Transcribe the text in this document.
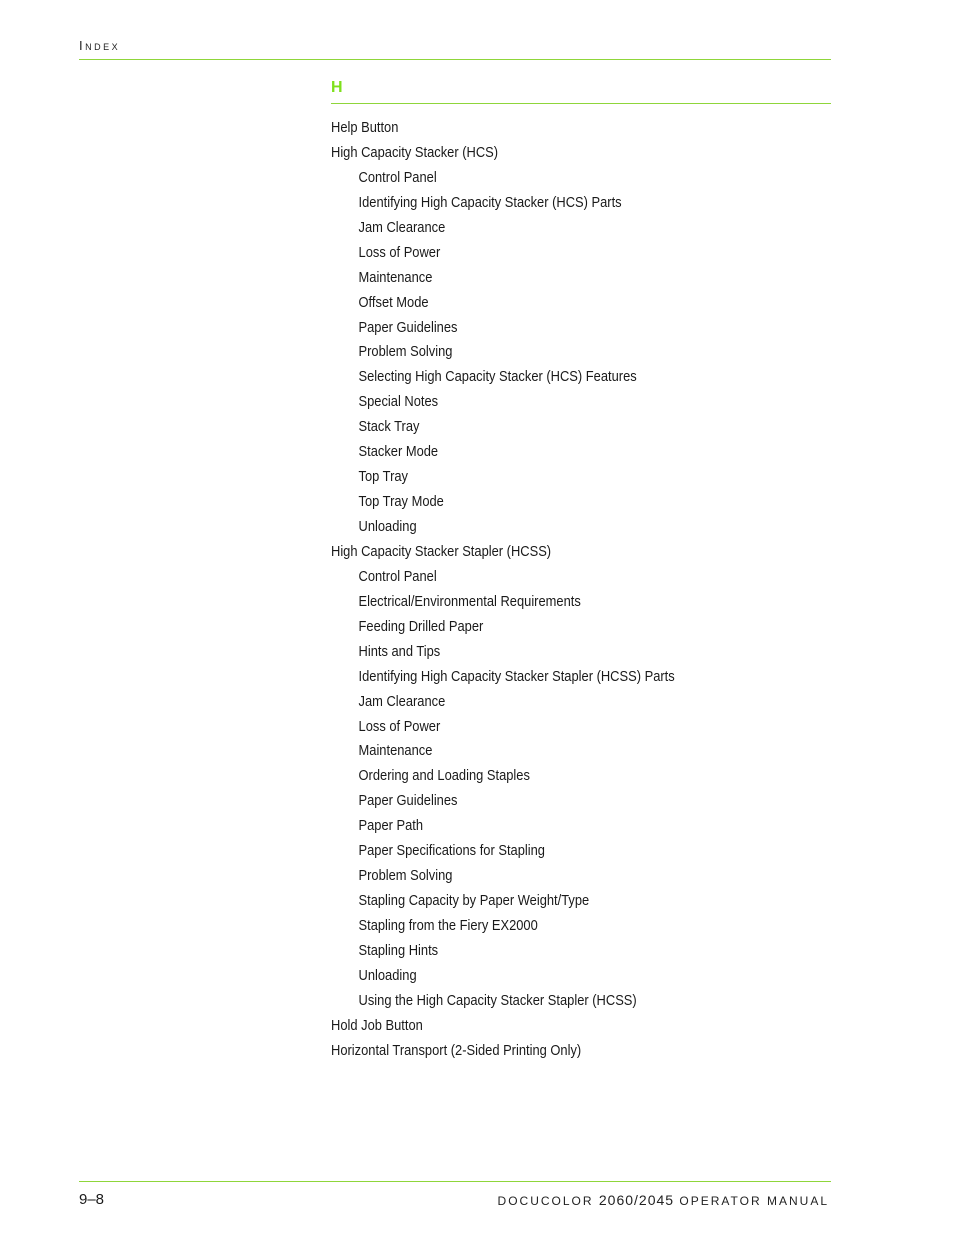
Index
H
Help Button
High Capacity Stacker (HCS)
Control Panel
Identifying High Capacity Stacker (HCS) Parts
Jam Clearance
Loss of Power
Maintenance
Offset Mode
Paper Guidelines
Problem Solving
Selecting High Capacity Stacker (HCS) Features
Special Notes
Stack Tray
Stacker Mode
Top Tray
Top Tray Mode
Unloading
High Capacity Stacker Stapler (HCSS)
Control Panel
Electrical/Environmental Requirements
Feeding Drilled Paper
Hints and Tips
Identifying High Capacity Stacker Stapler (HCSS) Parts
Jam Clearance
Loss of Power
Maintenance
Ordering and Loading Staples
Paper Guidelines
Paper Path
Paper Specifications for Stapling
Problem Solving
Stapling Capacity by Paper Weight/Type
Stapling from the Fiery EX2000
Stapling Hints
Unloading
Using the High Capacity Stacker Stapler (HCSS)
Hold Job Button
Horizontal Transport (2-Sided Printing Only)
9–8	DOCUCOLOR 2060/2045 OPERATOR MANUAL
